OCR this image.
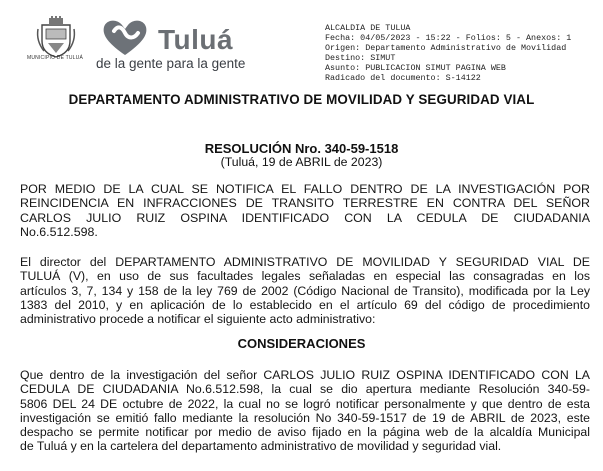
MUNICIPIO DE TULUÁ
Tuluá
de la gente para la gente
ALCALDIA DE TULUA
Fecha: 04/05/2023 - 15:22 - Folios: 5 - Anexos: 1
Origen: Departamento Administrativo de Movilidad
Destino: SIMUT
Asunto: PUBLICACION SIMUT PAGINA WEB
Radicado del documento: S-14122
DEPARTAMENTO ADMINISTRATIVO DE MOVILIDAD Y SEGURIDAD VIAL
RESOLUCIÓN Nro. 340-59-1518
(Tuluá, 19 de ABRIL de 2023)
POR MEDIO DE LA CUAL SE NOTIFICA EL FALLO DENTRO DE LA INVESTIGACIÓN POR
REINCIDENCIA EN INFRACCIONES DE TRANSITO TERRESTRE EN CONTRA DEL SEÑOR
CARLOS JULIO RUIZ OSPINA IDENTIFICADO CON LA CEDULA DE CIUDADANIA
No.6.512.598.
El director del DEPARTAMENTO ADMINISTRATIVO DE MOVILIDAD Y SEGURIDAD VIAL DE
TULUÁ (V), en uso de sus facultades legales señaladas en especial las consagradas en los
artículos 3, 7, 134 y 158 de la ley 769 de 2002 (Código Nacional de Transito), modificada por la Ley
1383 del 2010, y en aplicación de lo establecido en el artículo 69 del código de procedimiento
administrativo procede a notificar el siguiente acto administrativo:
CONSIDERACIONES
Que dentro de la investigación del señor CARLOS JULIO RUIZ OSPINA IDENTIFICADO CON LA
CEDULA DE CIUDADANIA No.6.512.598, la cual se dio apertura mediante Resolución 340-59-
5806 DEL 24 DE octubre de 2022, la cual no se logró notificar personalmente y que dentro de esta
investigación se emitió fallo mediante la resolución No 340-59-1517 de 19 de ABRIL de 2023, este
despacho se permite notificar por medio de aviso fijado en la página web de la alcaldía Municipal
de Tuluá y en la cartelera del departamento administrativo de movilidad y seguridad vial.
